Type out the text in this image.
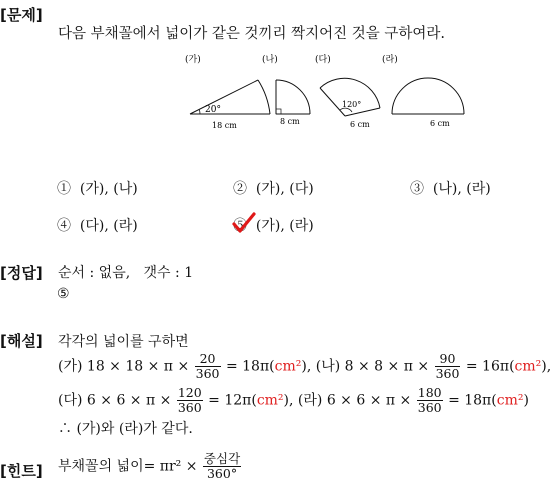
[문제]
[정답]
[해설]
[힌트]
다음 부채꼴에서 넓이가 같은 것끼리 짝지어진 것을 구하여라.
(가)
20°
18 cm
(나)
8 cm
(다)
120°
6 cm
(라)
6 cm
① (가), (나)	② (가), (다)	③ (나), (라)
④ (다), (라)	⑤ (가), (라)
순서 : 없음, 갯수 : 1
⑤
각각의 넓이를 구하면
(가) $18 \times 18 \times \pi \times \frac{20}{360} = 18\pi(cm^2)$, (나) $8 \times 8 \times \pi \times \frac{90}{360} = 16\pi(cm^2)$,
(다) $6 \times 6 \times \pi \times \frac{120}{360} = 12\pi(cm^2)$, (라) $6 \times 6 \times \pi \times \frac{180}{360} = 18\pi(cm^2)$
∴ (가)와 (라)가 같다.
부채꼴의 넓이= $\pi r^2 \times \frac{\text{중심각}}{360^\circ}$
